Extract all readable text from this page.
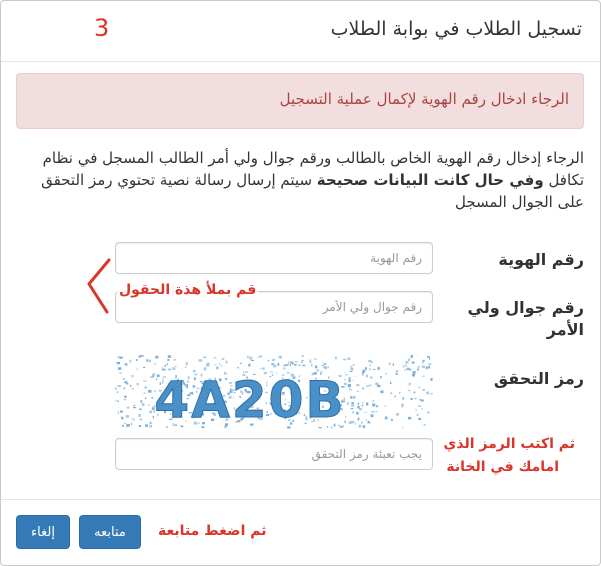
تسجيل الطلاب في بوابة الطلاب
3
الرجاء ادخال رقم الهوية لإكمال عملية التسجيل
الرجاء إدخال رقم الهوية الخاص بالطالب ورقم جوال ولي أمر الطالب المسجل في نظام تكافل وفي حال كانت البيانات صحيحة سيتم إرسال رسالة نصية تحتوي رمز التحقق على الجوال المسجل
رقم الهوية
رقم الهوية
رقم جوال ولي الأمر
رقم جوال ولي الأمر
قم بملأ هذة الحقول
رمز التحقق
4A20B
يجب تعبئة رمز التحقق
ثم اكتب الرمز الذي
امامك في الخانة
إلغاء	متابعه	ثم اضغط متابعة
